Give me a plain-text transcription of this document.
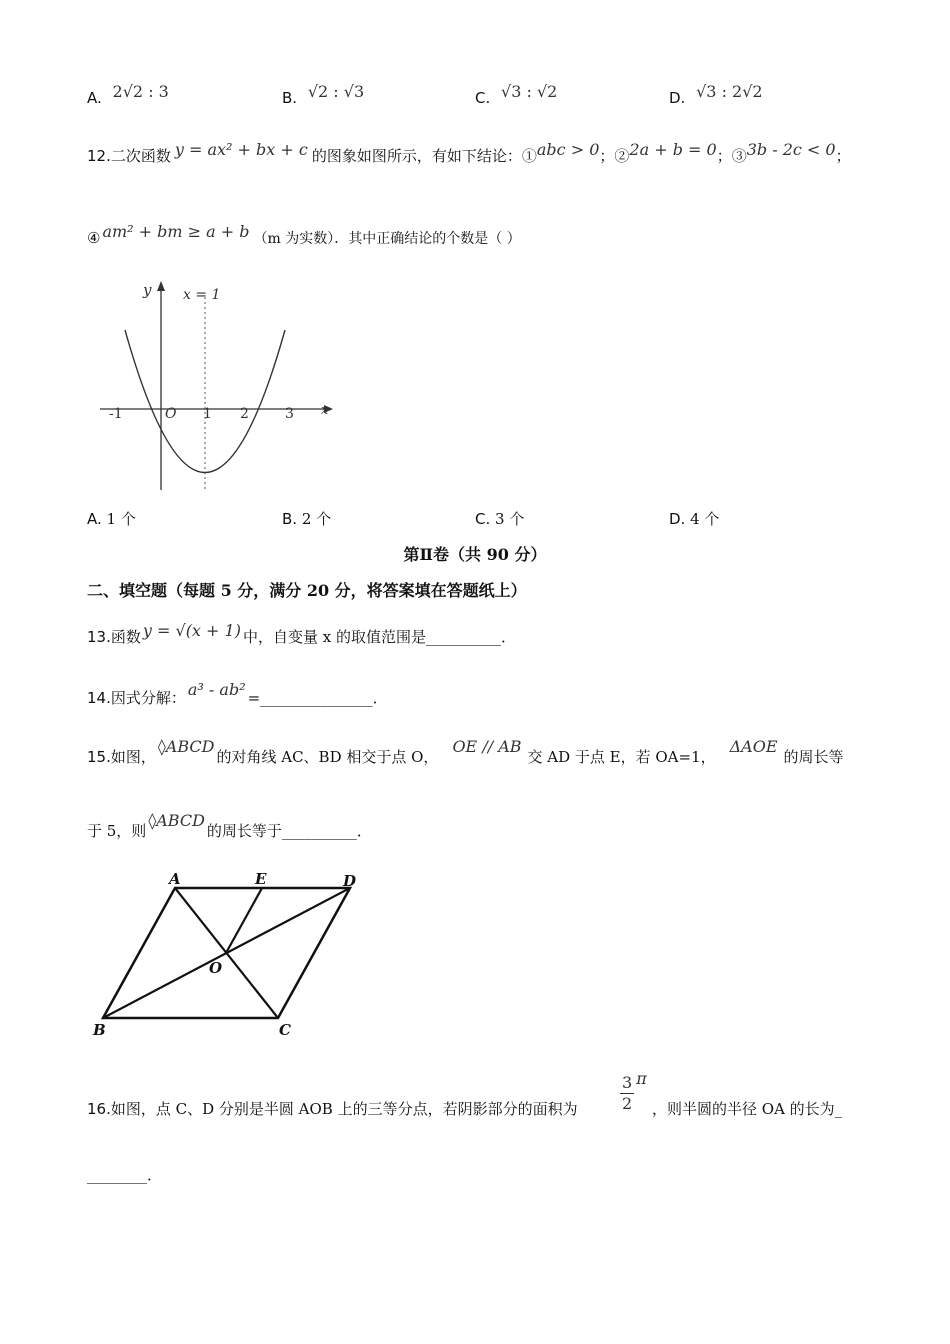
A. 2√2 : 3	B. √2 : √3	C. √3 : √2	D. √3 : 2√2
12.二次函数 y = ax² + bx + c 的图象如图所示，有如下结论：①abc > 0；②2a + b = 0；③3b - 2c < 0；
④ am² + bm ≥ a + b （m 为实数）．其中正确结论的个数是（ ）
y
x
x = 1
O
-1	1 2	3
A. 1 个	B. 2 个	C. 3 个	D. 4 个
第Ⅱ卷（共 90 分）
二、填空题（每题 5 分，满分 20 分，将答案填在答题纸上）
13.函数 y = √(x + 1) 中，自变量 x 的取值范围是__________．
14.因式分解： a³ - ab² =_______________．
15.如图，◊ABCD的对角线 AC、BD 相交于点 O，OE // AB交 AD 于点 E，若 OA=1，ΔAOE的周长等
于 5，则◊ABCD的周长等于__________．
A	E	D
O
B	C
16.如图，点 C、D 分别是半圆 AOB 上的三等分点，若阴影部分的面积为	$\frac{3}{2}$ π
，则半圆的半径 OA 的长为_
________．
